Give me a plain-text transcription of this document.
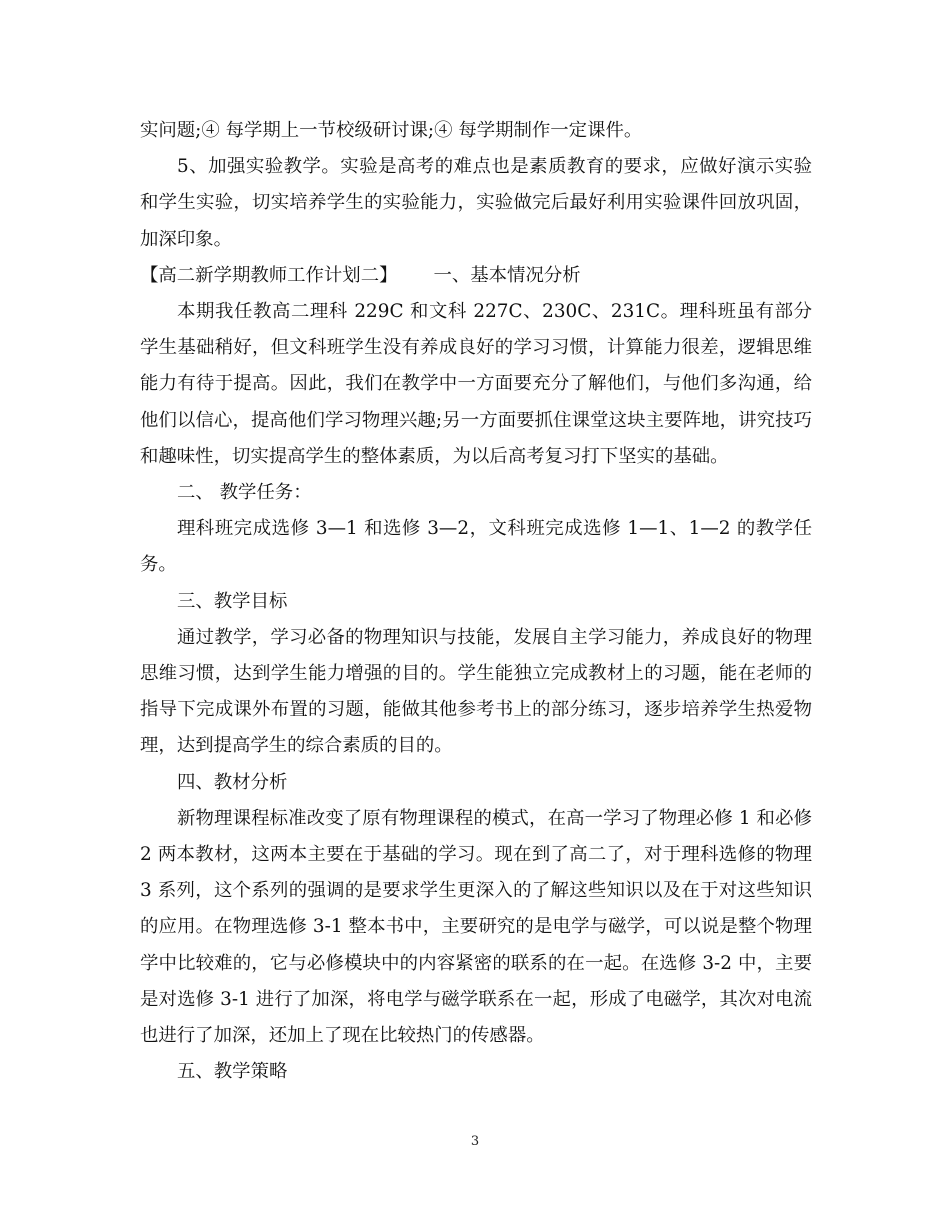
实问题;④ 每学期上一节校级研讨课;④ 每学期制作一定课件。

5、加强实验教学。实验是高考的难点也是素质教育的要求，应做好演示实验和学生实验，切实培养学生的实验能力，实验做完后最好利用实验课件回放巩固，加深印象。

【高二新学期教师工作计划二】 一、基本情况分析

本期我任教高二理科 229C 和文科 227C、230C、231C。理科班虽有部分学生基础稍好，但文科班学生没有养成良好的学习习惯，计算能力很差，逻辑思维能力有待于提高。因此，我们在教学中一方面要充分了解他们，与他们多沟通，给他们以信心，提高他们学习物理兴趣;另一方面要抓住课堂这块主要阵地，讲究技巧和趣味性，切实提高学生的整体素质，为以后高考复习打下坚实的基础。

二、 教学任务：

理科班完成选修 3—1 和选修 3—2，文科班完成选修 1—1、1—2 的教学任务。

三、教学目标

通过教学，学习必备的物理知识与技能，发展自主学习能力，养成良好的物理思维习惯，达到学生能力增强的目的。学生能独立完成教材上的习题，能在老师的指导下完成课外布置的习题，能做其他参考书上的部分练习，逐步培养学生热爱物理，达到提高学生的综合素质的目的。

四、教材分析

新物理课程标准改变了原有物理课程的模式，在高一学习了物理必修 1 和必修 2 两本教材，这两本主要在于基础的学习。现在到了高二了，对于理科选修的物理 3 系列，这个系列的强调的是要求学生更深入的了解这些知识以及在于对这些知识的应用。在物理选修 3-1 整本书中，主要研究的是电学与磁学，可以说是整个物理学中比较难的，它与必修模块中的内容紧密的联系的在一起。在选修 3-2 中，主要是对选修 3-1 进行了加深，将电学与磁学联系在一起，形成了电磁学，其次对电流也进行了加深，还加上了现在比较热门的传感器。

五、教学策略

3
